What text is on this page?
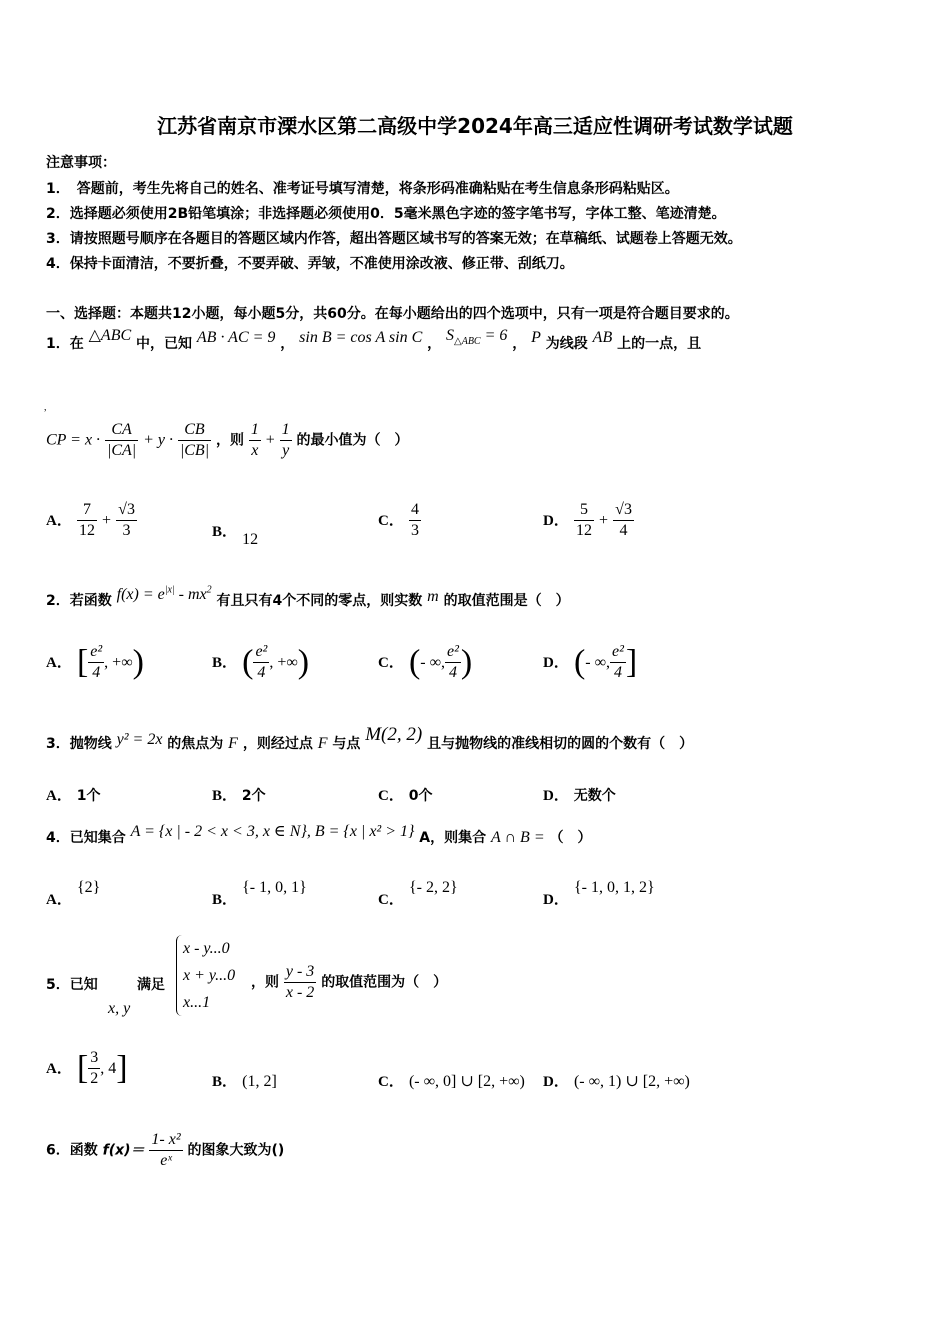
江苏省南京市溧水区第二高级中学2024年高三适应性调研考试数学试题
注意事项：
1．　答题前，考生先将自己的姓名、准考证号填写清楚，将条形码准确粘贴在考生信息条形码粘贴区。
2．选择题必须使用2B铅笔填涂；非选择题必须使用0．5毫米黑色字迹的签字笔书写，字体工整、笔迹清楚。
3．请按照题号顺序在各题目的答题区域内作答，超出答题区域书写的答案无效；在草稿纸、试题卷上答题无效。
4．保持卡面清洁，不要折叠，不要弄破、弄皱，不准使用涂改液、修正带、刮纸刀。
一、选择题：本题共12小题，每小题5分，共60分。在每小题给出的四个选项中，只有一项是符合题目要求的。
1．在 △ABC 中，已知 AB · AC = 9 ， sin B = cos A sin C ， $S_{\triangle ABC} = 6$ ， P 为线段 AB 上的一点，且
,
CP = $x \cdot \frac{CA}{|CA|} + y \cdot \frac{CB}{|CB|}$ ，则 $\frac{1}{x} + \frac{1}{y}$ 的最小值为（　）
A． $\frac{7}{12} + \frac{√3}{3}$	B． 12
C． $\frac{4}{3}$	D． $\frac{5}{12} + \frac{√3}{4}$
2．若函数 $f(x) = e^{|x|} - mx^2$ 有且只有4个不同的零点，则实数 m 的取值范围是（　）
A． [ $\frac{\text{e²}}{4}$ , +∞)	B． ( $\frac{\text{e²}}{4}$ , +∞)	C． (- ∞, $\frac{\text{e²}}{4}$ )	D． (- ∞, $\frac{\text{e²}}{4}$ ]
3．抛物线 y² = 2x 的焦点为 F ，则经过点 F 与点 M(2, 2) 且与抛物线的准线相切的圆的个数有（　）
A． 1个	B． 2个	C． 0个	D． 无数个
4．已知集合 A = {x | - 2 < x < 3, x ∈ N}, B = {x | x² > 1} A，则集合 A ∩ B = （　）
A． {2}
B． {- 1, 0, 1}
C． {- 2, 2}
D． {- 1, 0, 1, 2}
5．已知	满足
x, y
x - y...0
x + y...0
x...1
，则 $\frac{y - 3}{x - 2}$ 的取值范围为（　）
A． [ $\frac{3}{2}$ , 4]	B． (1, 2]	C． (- ∞, 0] ∪ [2, +∞) D． (- ∞, 1) ∪ [2, +∞)
6．函数 $f(x)= \frac{\text{1- x²}}{\text{eˣ}}$ 的图象大致为()
